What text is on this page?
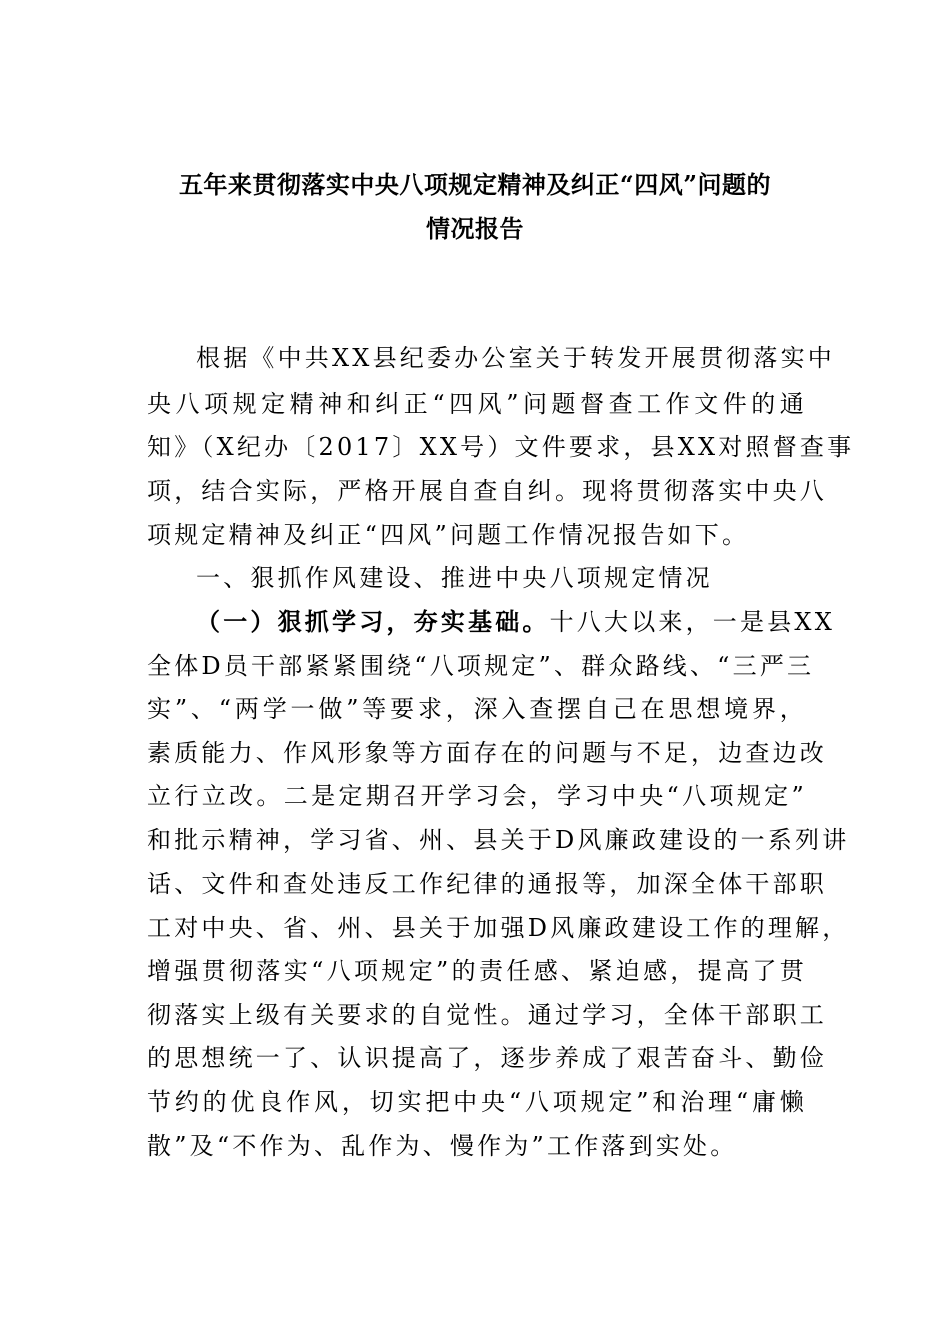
五年来贯彻落实中央八项规定精神及纠正“四风”问题的
情况报告
根据《中共XX县纪委办公室关于转发开展贯彻落实中
央八项规定精神和纠正“四风”问题督查工作文件的通
知》（X纪办〔2017〕XX号）文件要求，县XX对照督查事
项，结合实际，严格开展自查自纠。现将贯彻落实中央八
项规定精神及纠正“四风”问题工作情况报告如下。
一、狠抓作风建设、推进中央八项规定情况
（一）狠抓学习，夯实基础。十八大以来，一是县XX
全体D员干部紧紧围绕“八项规定”、群众路线、“三严三
实”、“两学一做”等要求，深入查摆自己在思想境界，
素质能力、作风形象等方面存在的问题与不足，边查边改
立行立改。二是定期召开学习会，学习中央“八项规定”
和批示精神，学习省、州、县关于D风廉政建设的一系列讲
话、文件和查处违反工作纪律的通报等，加深全体干部职
工对中央、省、州、县关于加强D风廉政建设工作的理解，
增强贯彻落实“八项规定”的责任感、紧迫感，提高了贯
彻落实上级有关要求的自觉性。通过学习，全体干部职工
的思想统一了、认识提高了，逐步养成了艰苦奋斗、勤俭
节约的优良作风，切实把中央“八项规定”和治理“庸懒
散”及“不作为、乱作为、慢作为”工作落到实处。
